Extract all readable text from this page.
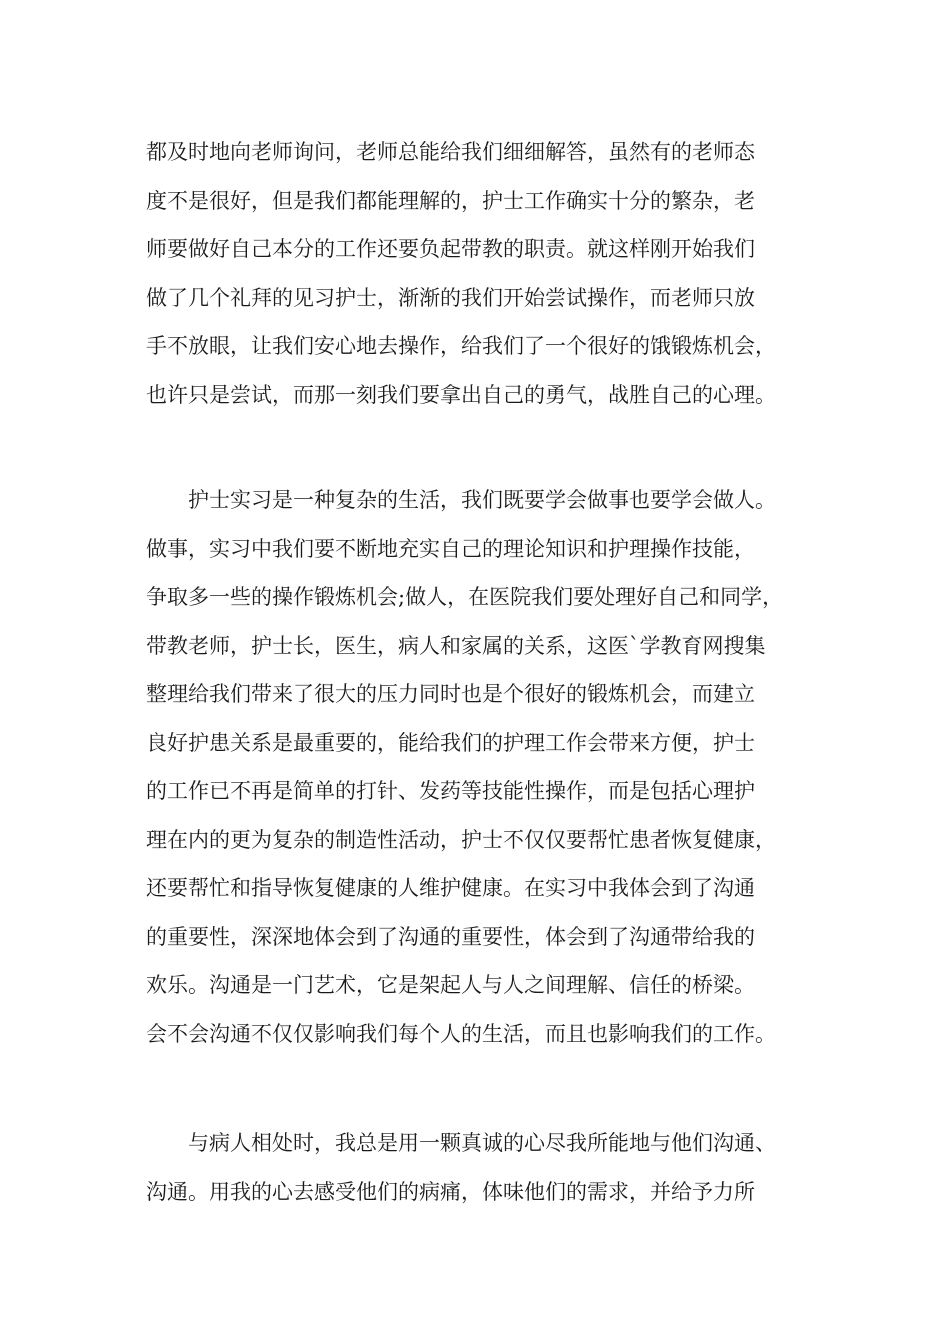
都及时地向老师询问，老师总能给我们细细解答，虽然有的老师态
度不是很好，但是我们都能理解的，护士工作确实十分的繁杂，老
师要做好自己本分的工作还要负起带教的职责。就这样刚开始我们
做了几个礼拜的见习护士，渐渐的我们开始尝试操作，而老师只放
手不放眼，让我们安心地去操作，给我们了一个很好的饿锻炼机会，
也许只是尝试，而那一刻我们要拿出自己的勇气，战胜自己的心理。

　　护士实习是一种复杂的生活，我们既要学会做事也要学会做人。
做事，实习中我们要不断地充实自己的理论知识和护理操作技能，
争取多一些的操作锻炼机会;做人，在医院我们要处理好自己和同学，
带教老师，护士长，医生，病人和家属的关系，这医`学教育网搜集
整理给我们带来了很大的压力同时也是个很好的锻炼机会，而建立
良好护患关系是最重要的，能给我们的护理工作会带来方便，护士
的工作已不再是简单的打针、发药等技能性操作，而是包括心理护
理在内的更为复杂的制造性活动，护士不仅仅要帮忙患者恢复健康，
还要帮忙和指导恢复健康的人维护健康。在实习中我体会到了沟通
的重要性，深深地体会到了沟通的重要性，体会到了沟通带给我的
欢乐。沟通是一门艺术，它是架起人与人之间理解、信任的桥梁。
会不会沟通不仅仅影响我们每个人的生活，而且也影响我们的工作。

　　与病人相处时，我总是用一颗真诚的心尽我所能地与他们沟通、
沟通。用我的心去感受他们的病痛，体味他们的需求，并给予力所
